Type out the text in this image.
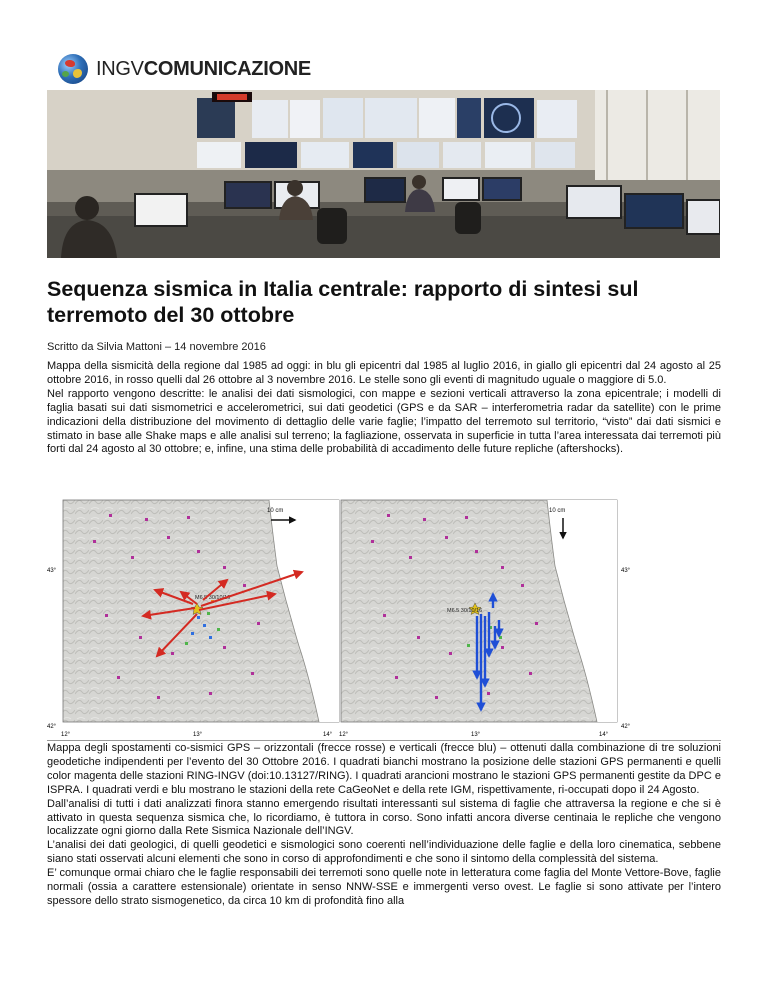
INGVCOMUNICAZIONE
Sequenza sismica in Italia centrale: rapporto di sintesi sul terremoto del 30 ottobre
Scritto da Silvia Mattoni – 14 novembre 2016

Mappa della sismicità della regione dal 1985 ad oggi: in blu gli epicentri dal 1985 al luglio 2016, in giallo gli epicentri dal 24 agosto al 25 ottobre 2016, in rosso quelli dal 26 ottobre al 3 novembre 2016. Le stelle sono gli eventi di magnitudo uguale o maggiore di 5.0.

Nel rapporto vengono descritte: le analisi dei dati sismologici, con mappe e sezioni verticali attraverso la zona epicentrale; i modelli di faglia basati sui dati sismometrici e accelerometrici, sui dati geodetici (GPS e da SAR – interferometria radar da satellite) con le prime indicazioni della distribuzione del movimento di dettaglio delle varie faglie; l’impatto del terremoto sul territorio, “visto” dai dati sismici e stimato in base alle Shake maps e alle analisi sul terreno; la fagliazione, osservata in superficie in tutta l’area interessata dai terremoti più forti dal 24 agosto al 30 ottobre; e, infine, una stima delle probabilità di accadimento delle future repliche (aftershocks).

M6.5 30/10/16
10 cm
43°
42°
12°	13°	14°
M6.5 30/10/16
10 cm
43°
42°
12°	13°	14°

Mappa degli spostamenti co-sismici GPS – orizzontali (frecce rosse) e verticali (frecce blu) – ottenuti dalla combinazione di tre soluzioni geodetiche indipendenti per l’evento del 30 Ottobre 2016. I quadrati bianchi mostrano la posizione delle stazioni GPS permanenti e quelli color magenta delle stazioni RING-INGV (doi:10.13127/RING). I quadrati arancioni mostrano le stazioni GPS permanenti gestite da DPC e ISPRA. I quadrati verdi e blu mostrano le stazioni della rete CaGeoNet e della rete IGM, rispettivamente, ri-occupati dopo il 24 Agosto.

Dall’analisi di tutti i dati analizzati finora stanno emergendo risultati interessanti sul sistema di faglie che attraversa la regione e che si è attivato in questa sequenza sismica che, lo ricordiamo, è tuttora in corso. Sono infatti ancora diverse centinaia le repliche che vengono localizzate ogni giorno dalla Rete Sismica Nazionale dell’INGV.

L’analisi dei dati geologici, di quelli geodetici e sismologici sono coerenti nell’individuazione delle faglie e della loro cinematica, sebbene siano stati osservati alcuni elementi che sono in corso di approfondimenti e che sono il sintomo della complessità del sistema.

E’ comunque ormai chiaro che le faglie responsabili dei terremoti sono quelle note in letteratura come faglia del Monte Vettore-Bove, faglie normali (ossia a carattere estensionale) orientate in senso NNW-SSE e immergenti verso ovest. Le faglie si sono attivate per l’intero spessore dello strato sismogenetico, da circa 10 km di profondità fino alla
